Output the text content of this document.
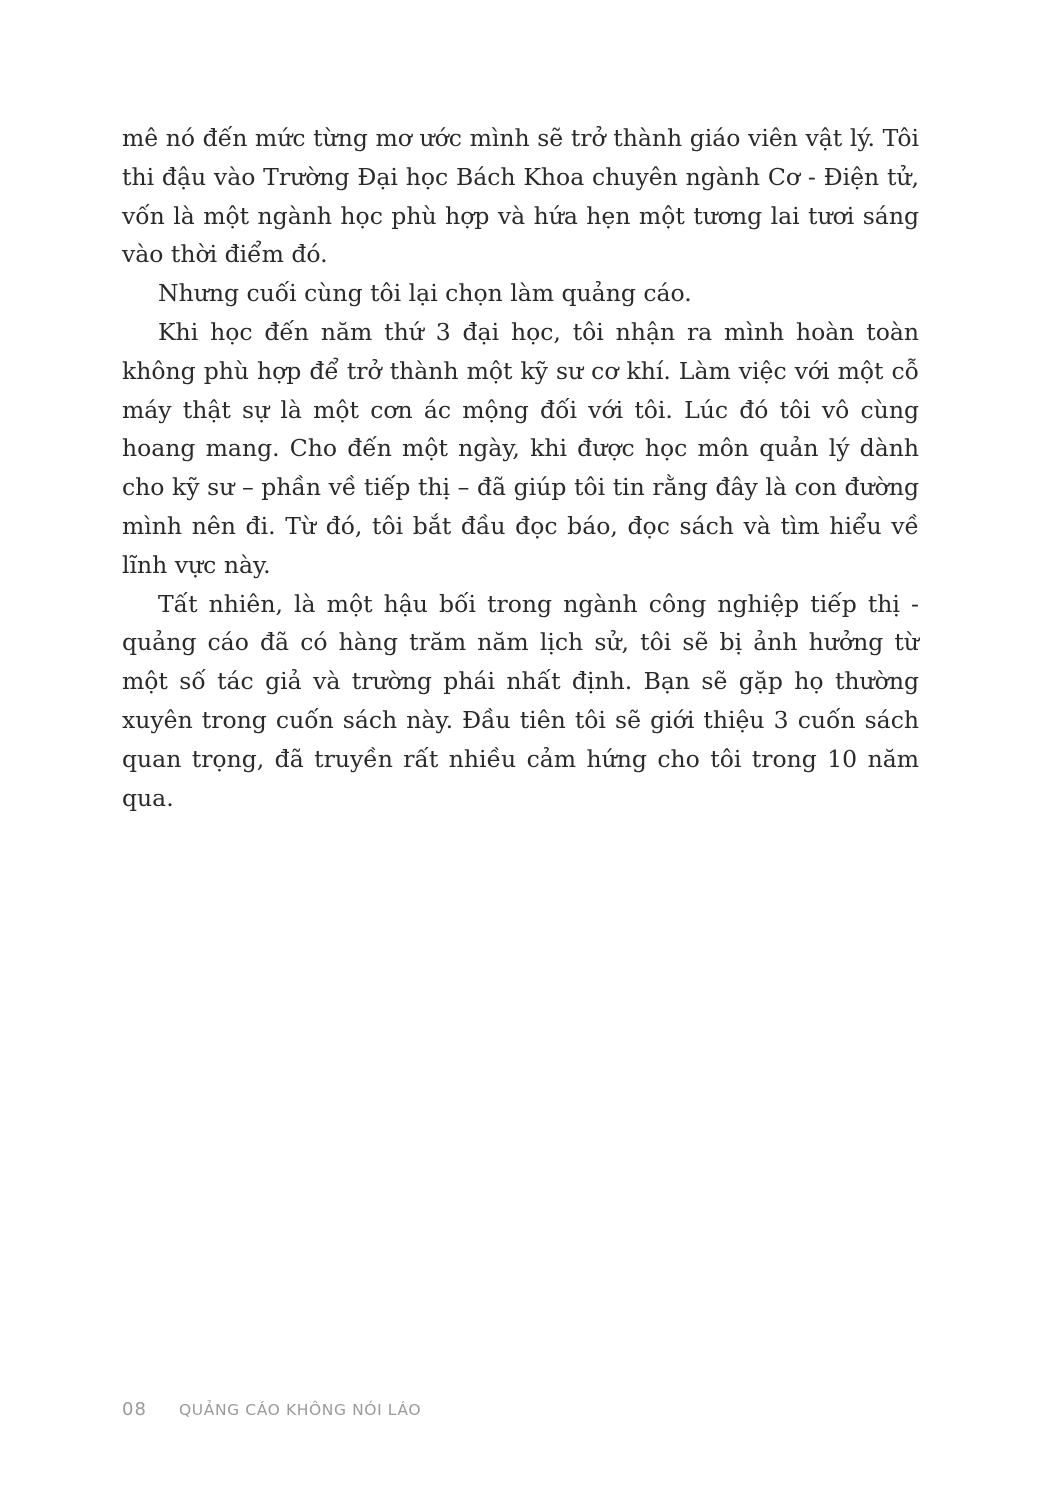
mê nó đến mức từng mơ ước mình sẽ trở thành giáo viên vật lý. Tôi thi đậu vào Trường Đại học Bách Khoa chuyên ngành Cơ - Điện tử, vốn là một ngành học phù hợp và hứa hẹn một tương lai tươi sáng vào thời điểm đó.

Nhưng cuối cùng tôi lại chọn làm quảng cáo.

Khi học đến năm thứ 3 đại học, tôi nhận ra mình hoàn toàn không phù hợp để trở thành một kỹ sư cơ khí. Làm việc với một cỗ máy thật sự là một cơn ác mộng đối với tôi. Lúc đó tôi vô cùng hoang mang. Cho đến một ngày, khi được học môn quản lý dành cho kỹ sư – phần về tiếp thị – đã giúp tôi tin rằng đây là con đường mình nên đi. Từ đó, tôi bắt đầu đọc báo, đọc sách và tìm hiểu về lĩnh vực này.

Tất nhiên, là một hậu bối trong ngành công nghiệp tiếp thị - quảng cáo đã có hàng trăm năm lịch sử, tôi sẽ bị ảnh hưởng từ một số tác giả và trường phái nhất định. Bạn sẽ gặp họ thường xuyên trong cuốn sách này. Đầu tiên tôi sẽ giới thiệu 3 cuốn sách quan trọng, đã truyền rất nhiều cảm hứng cho tôi trong 10 năm qua.

08 QUẢNG CÁO KHÔNG NÓI LÁO
